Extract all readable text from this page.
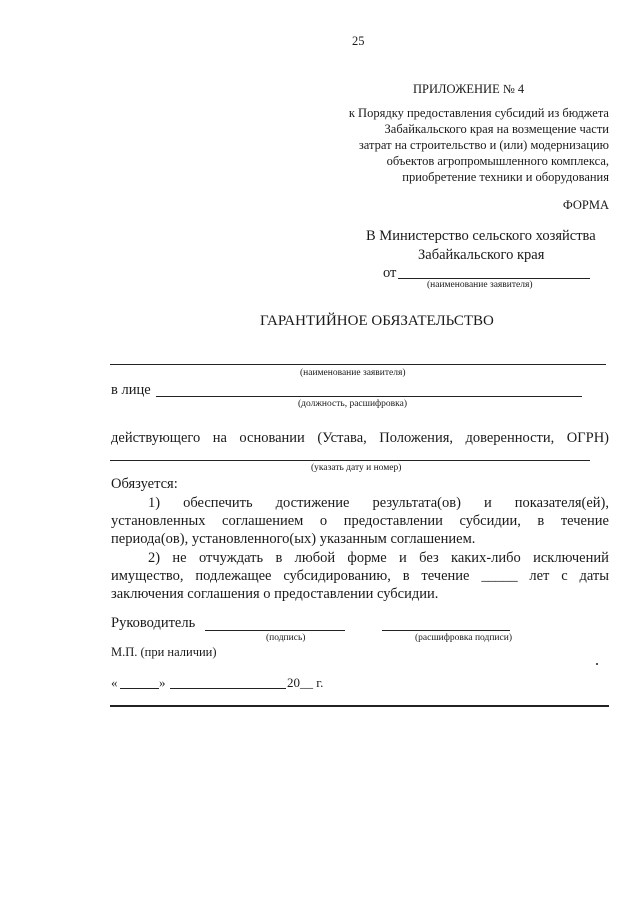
25
ПРИЛОЖЕНИЕ № 4
к Порядку предоставления субсидий из бюджета
Забайкальского края на возмещение части
затрат на строительство и (или) модернизацию
объектов агропромышленного комплекса,
приобретение техники и оборудования
ФОРМА
В Министерство сельского хозяйства
Забайкальского края
от
(наименование заявителя)
ГАРАНТИЙНОЕ ОБЯЗАТЕЛЬСТВО
(наименование заявителя)
в лице
(должность, расшифровка)
действующего на основании (Устава, Положения, доверенности, ОГРН)
(указать дату и номер)
Обязуется:
1) обеспечить достижение результата(ов) и показателя(ей),
установленных соглашением о предоставлении субсидии, в течение
периода(ов), установленного(ых) указанным соглашением.
2) не отчуждать в любой форме и без каких-либо исключений
имущество, подлежащее субсидированию, в течение _____ лет с даты
заключения соглашения о предоставлении субсидии.
Руководитель
(подпись)	(расшифровка подписи)
М.П. (при наличии)
«	»	20__ г.
